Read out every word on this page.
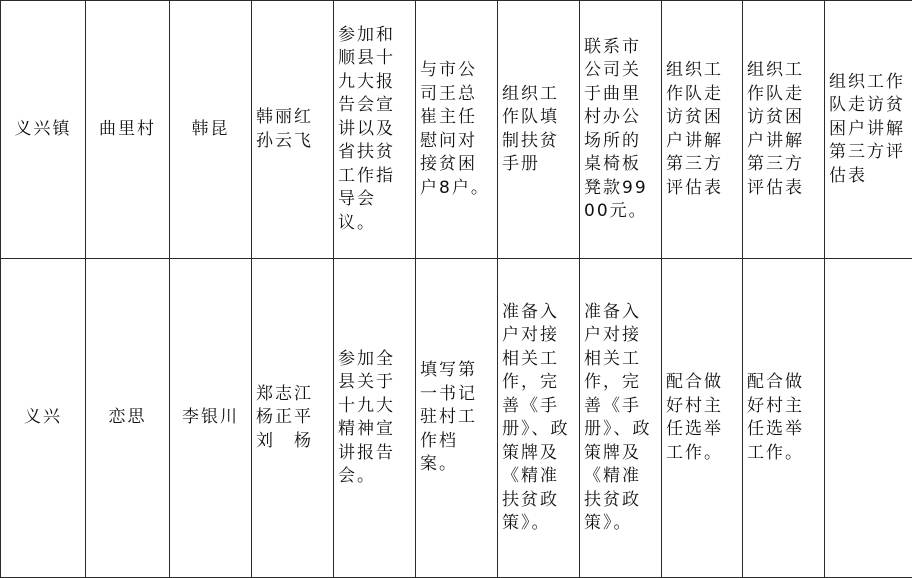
义兴镇	曲里村	韩昆	韩丽红孙云飞	参加和顺县十九大报告会宣讲以及省扶贫工作指导会议。	与市公司王总崔主任慰问对接贫困户8户。	组织工作队填制扶贫手册	联系市公司关于曲里村办公场所的桌椅板凳款9900元。	组织工作队走访贫困户讲解第三方评估表	组织工作队走访贫困户讲解第三方评估表	组织工作队走访贫困户讲解第三方评估表
义兴	恋思	李银川	郑志江杨正平刘　杨	参加全县关于十九大精神宣讲报告会。	填写第一书记驻村工作档案。	准备入户对接相关工作，完善《手册》、政策牌及《精准扶贫政策》。	准备入户对接相关工作，完善《手册》、政策牌及《精准扶贫政策》。	配合做好村主任选举工作。	配合做好村主任选举工作。	
